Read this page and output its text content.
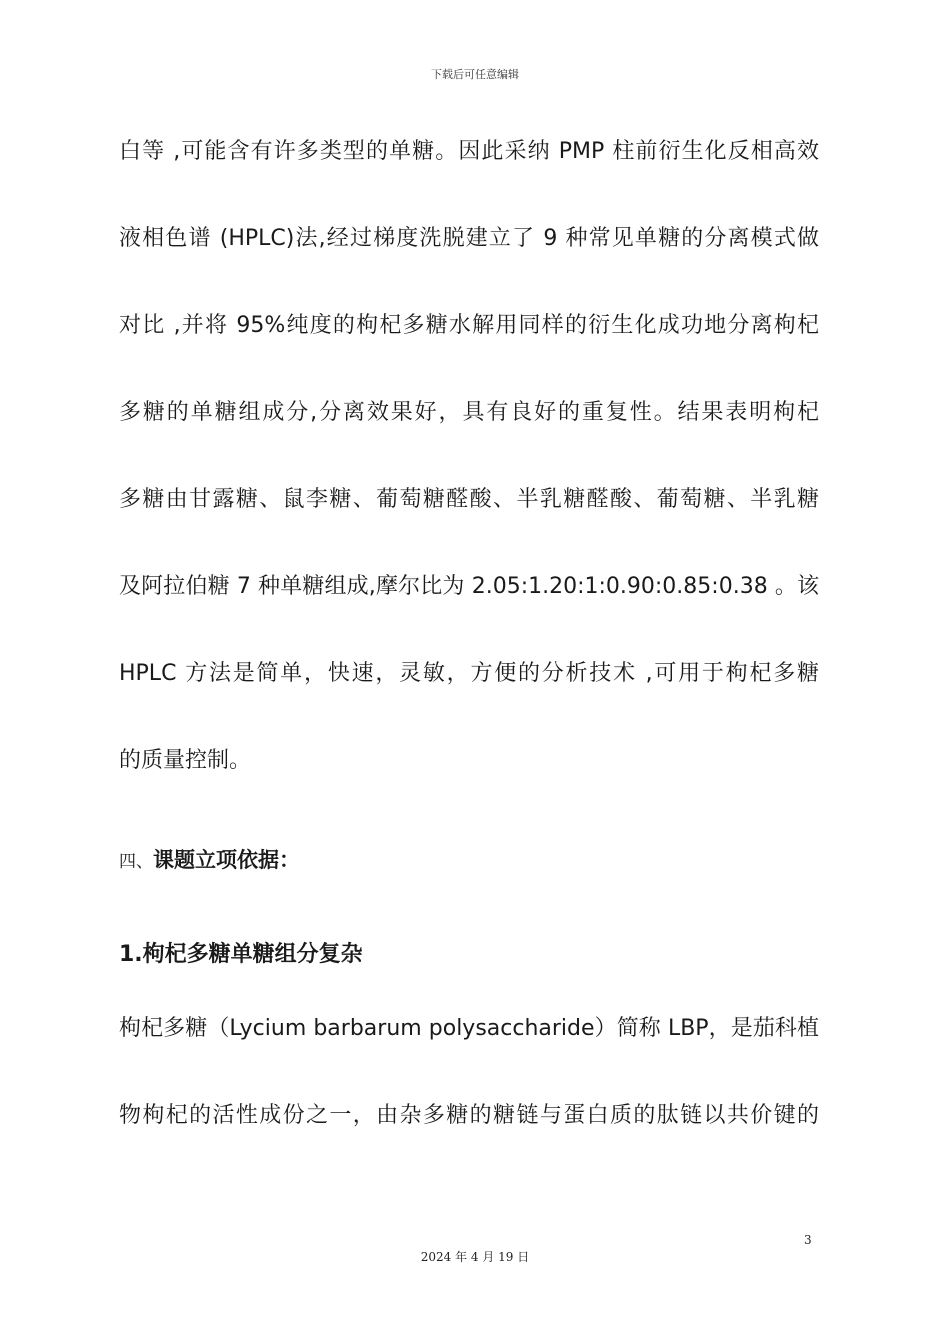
下载后可任意编辑
白等 ,可能含有许多类型的单糖。因此采纳 PMP 柱前衍生化反相高效
液相色谱 (HPLC)法,经过梯度洗脱建立了 9 种常见单糖的分离模式做
对比 ,并将 95%纯度的枸杞多糖水解用同样的衍生化成功地分离枸杞
多糖的单糖组成分,分离效果好，具有良好的重复性。结果表明枸杞
多糖由甘露糖、鼠李糖、葡萄糖醛酸、半乳糖醛酸、葡萄糖、半乳糖
及阿拉伯糖 7 种单糖组成,摩尔比为 2.05:1.20:1:0.90:0.85:0.38 。该
HPLC 方法是简单，快速，灵敏，方便的分析技术 ,可用于枸杞多糖
的质量控制。
四、课题立项依据：
1.枸杞多糖单糖组分复杂
枸杞多糖（Lycium barbarum polysaccharide）简称 LBP，是茄科植
物枸杞的活性成份之一，由杂多糖的糖链与蛋白质的肽链以共价键的
3
2024 年 4 月 19 日
